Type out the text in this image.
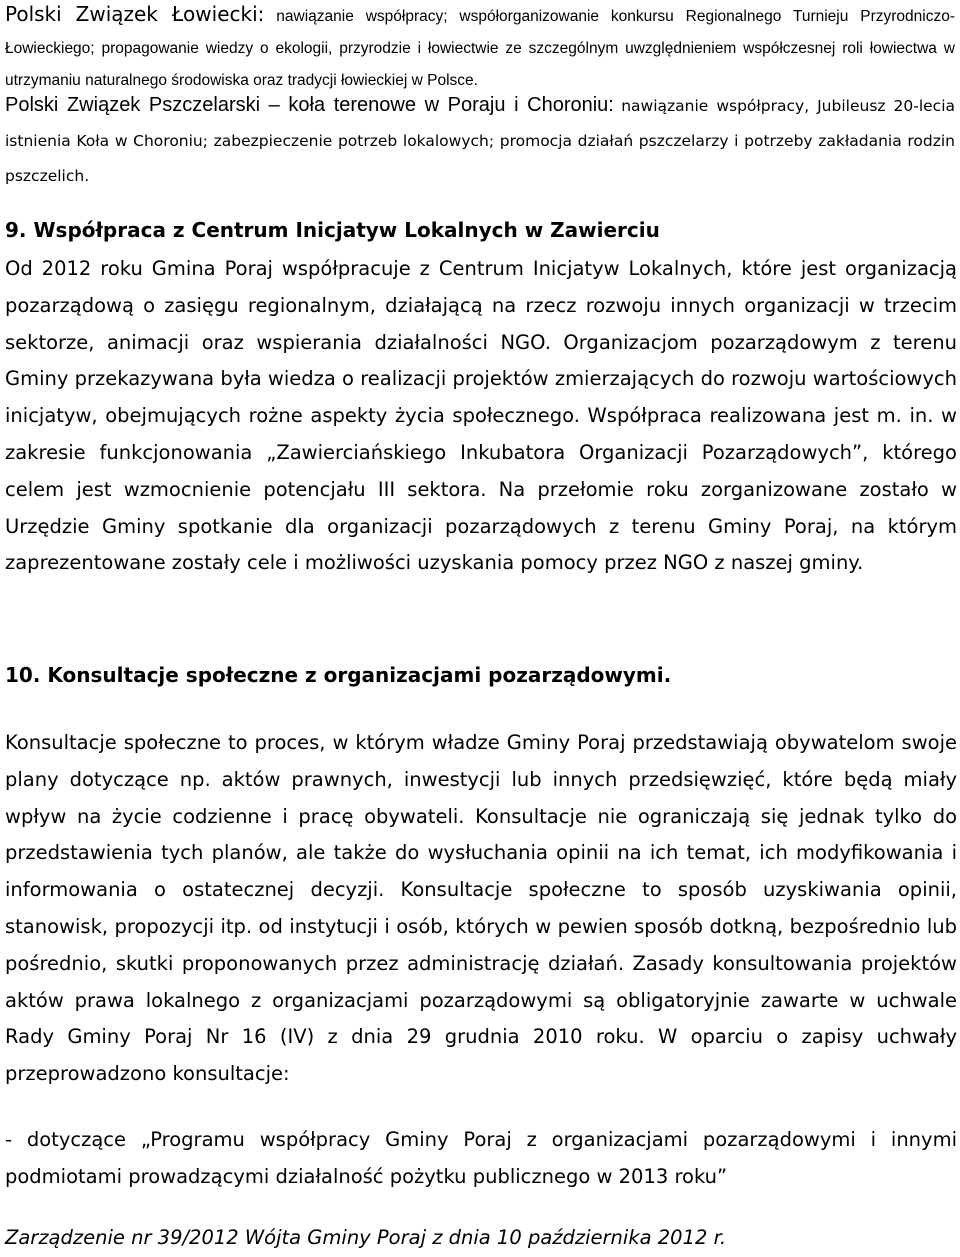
Polski Związek Łowiecki: nawiązanie współpracy; współorganizowanie konkursu Regionalnego Turnieju Przyrodniczo-Łowieckiego; propagowanie wiedzy o ekologii, przyrodzie i łowiectwie ze szczególnym uwzględnieniem współczesnej roli łowiectwa w utrzymaniu naturalnego środowiska oraz tradycji łowieckiej w Polsce.

Polski Związek Pszczelarski – koła terenowe w Poraju i Choroniu: nawiązanie współpracy, Jubileusz 20-lecia istnienia Koła w Choroniu; zabezpieczenie potrzeb lokalowych; promocja działań pszczelarzy i potrzeby zakładania rodzin pszczelich.

9. Współpraca z Centrum Inicjatyw Lokalnych w Zawierciu

Od 2012 roku Gmina Poraj współpracuje z Centrum Inicjatyw Lokalnych, które jest organizacją pozarządową o zasięgu regionalnym, działającą na rzecz rozwoju innych organizacji w trzecim sektorze, animacji oraz wspierania działalności NGO. Organizacjom pozarządowym z terenu Gminy przekazywana była wiedza o realizacji projektów zmierzających do rozwoju wartościowych inicjatyw, obejmujących rożne aspekty życia społecznego. Współpraca realizowana jest m. in. w zakresie funkcjonowania „Zawierciańskiego Inkubatora Organizacji Pozarządowych”, którego celem jest wzmocnienie potencjału III sektora. Na przełomie roku zorganizowane zostało w Urzędzie Gminy spotkanie dla organizacji pozarządowych z terenu Gminy Poraj, na którym zaprezentowane zostały cele i możliwości uzyskania pomocy przez NGO z naszej gminy.

10. Konsultacje społeczne z organizacjami pozarządowymi.

Konsultacje społeczne to proces, w którym władze Gminy Poraj przedstawiają obywatelom swoje plany dotyczące np. aktów prawnych, inwestycji lub innych przedsięwzięć, które będą miały wpływ na życie codzienne i pracę obywateli. Konsultacje nie ograniczają się jednak tylko do przedstawienia tych planów, ale także do wysłuchania opinii na ich temat, ich modyfikowania i informowania o ostatecznej decyzji. Konsultacje społeczne to sposób uzyskiwania opinii, stanowisk, propozycji itp. od instytucji i osób, których w pewien sposób dotkną, bezpośrednio lub pośrednio, skutki proponowanych przez administrację działań. Zasady konsultowania projektów aktów prawa lokalnego z organizacjami pozarządowymi są obligatoryjnie zawarte w uchwale Rady Gminy Poraj Nr 16 (IV) z dnia 29 grudnia 2010 roku. W oparciu o zapisy uchwały przeprowadzono konsultacje:

- dotyczące „Programu współpracy Gminy Poraj z organizacjami pozarządowymi i innymi podmiotami prowadzącymi działalność pożytku publicznego w 2013 roku”

Zarządzenie nr 39/2012 Wójta Gminy Poraj z dnia 10 października 2012 r.
